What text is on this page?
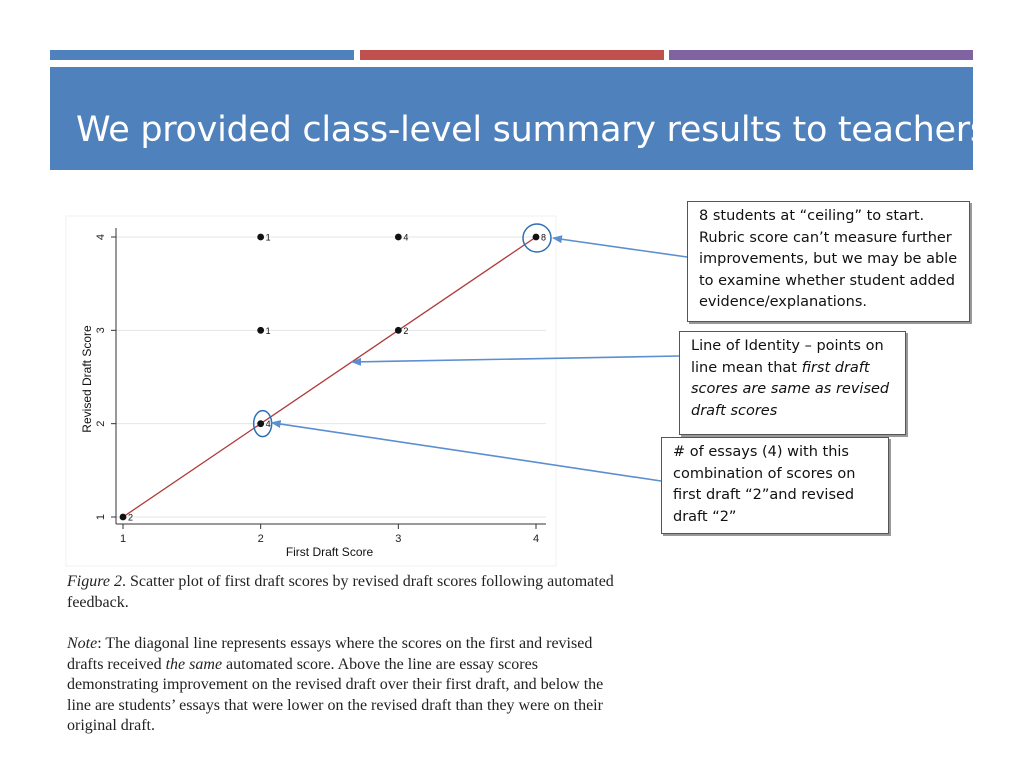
We provided class-level summary results to teachers
1	2	3	4
1
2
3
4
First Draft Score
Revised Draft Score
2
4
1
1
2
4	8
8 students at “ceiling” to start. Rubric score can’t measure further improvements, but we may be able to examine whether student added evidence/explanations.
Line of Identity – points on line mean that first draft scores are same as revised draft scores
# of essays (4) with this combination of scores on first draft “2”and revised draft “2”
Figure 2. Scatter plot of first draft scores by revised draft scores following automated feedback.
Note: The diagonal line represents essays where the scores on the first and revised drafts received the same automated score. Above the line are essay scores demonstrating improvement on the revised draft over their first draft, and below the line are students’ essays that were lower on the revised draft than they were on their original draft.
